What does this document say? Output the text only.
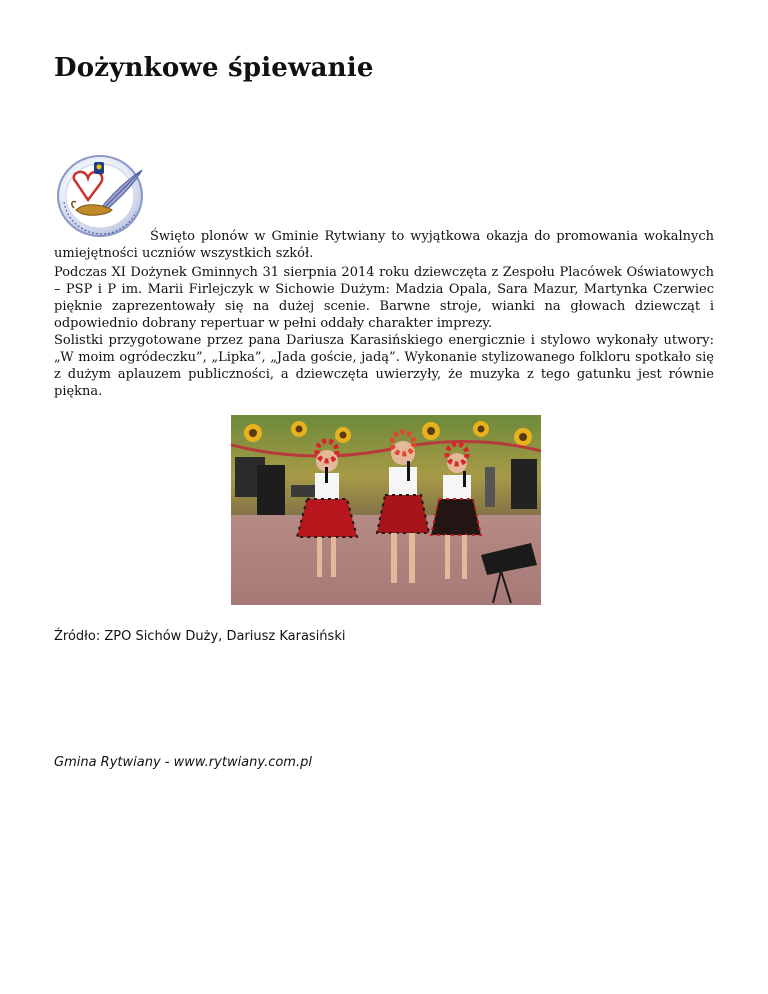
Dożynkowe śpiewanie

Święto plonów w Gminie Rytwiany to wyjątkowa okazja do promowania wokalnych umiejętności uczniów wszystkich szkół.

Podczas XI Dożynek Gminnych 31 sierpnia 2014 roku dziewczęta z Zespołu Placówek Oświatowych – PSP i P im. Marii Firlejczyk w Sichowie Dużym: Madzia Opala, Sara Mazur, Martynka Czerwiec pięknie zaprezentowały się na dużej scenie. Barwne stroje, wianki na głowach dziewcząt i odpowiednio dobrany repertuar w pełni oddały charakter imprezy.
Solistki przygotowane przez pana Dariusza Karasińskiego energicznie i stylowo wykonały utwory: „W moim ogródeczku”, „Lipka”, „Jada goście, jadą”. Wykonanie stylizowanego folkloru spotkało się z dużym aplauzem publiczności, a dziewczęta uwierzyły, że muzyka z tego gatunku jest równie piękna.

Źródło: ZPO Sichów Duży, Dariusz Karasiński

Gmina Rytwiany - www.rytwiany.com.pl
